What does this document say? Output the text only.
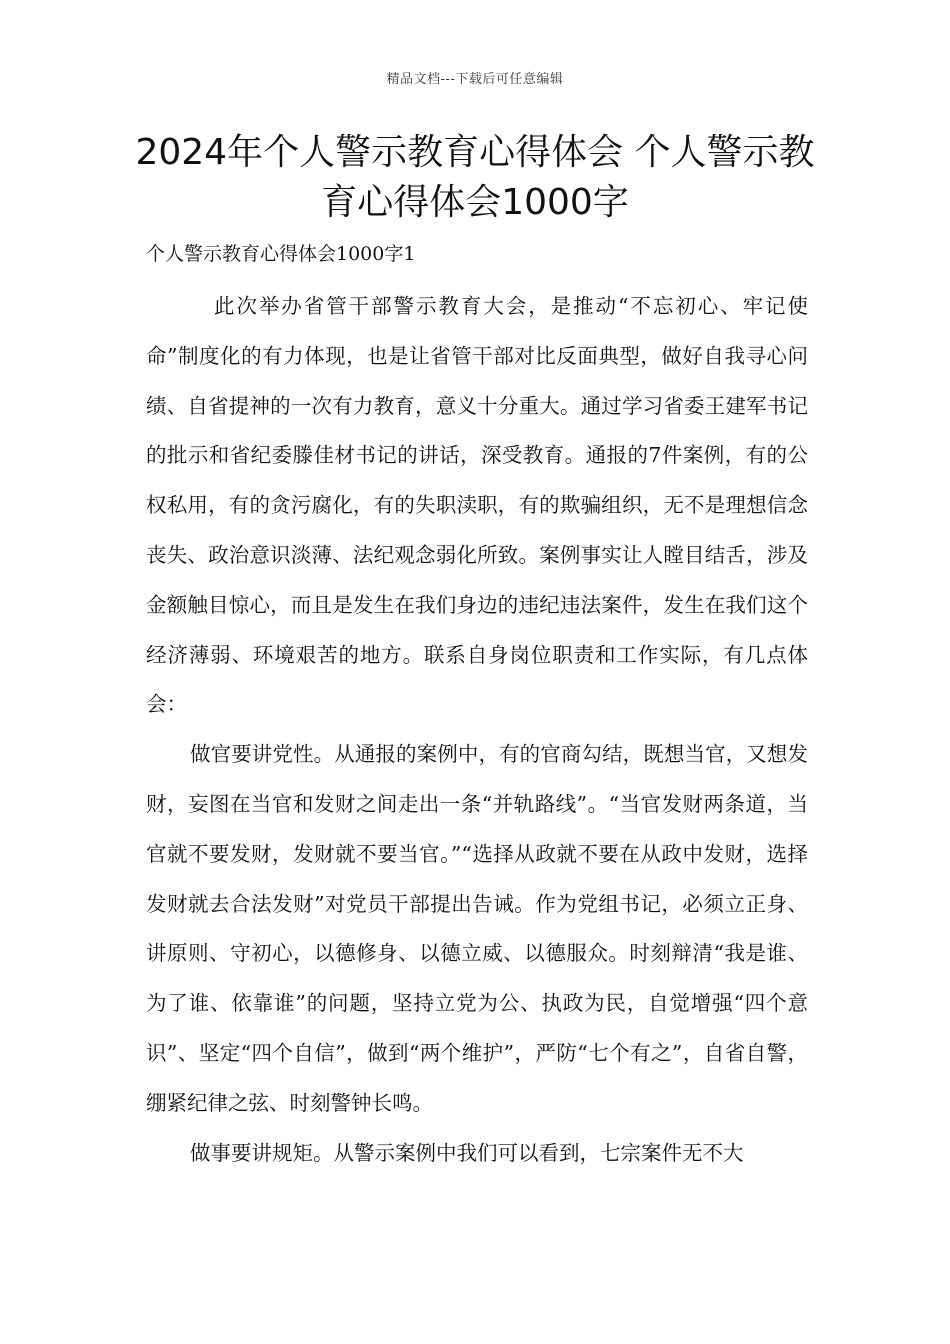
精品文档---下载后可任意编辑
2024年个人警示教育心得体会 个人警示教育心得体会1000字

个人警示教育心得体会1000字1

此次举办省管干部警示教育大会，是推动“不忘初心、牢记使命”制度化的有力体现，也是让省管干部对比反面典型，做好自我寻心问绩、自省提神的一次有力教育，意义十分重大。通过学习省委王建军书记的批示和省纪委滕佳材书记的讲话，深受教育。通报的7件案例，有的公权私用，有的贪污腐化，有的失职渎职，有的欺骗组织，无不是理想信念丧失、政治意识淡薄、法纪观念弱化所致。案例事实让人瞠目结舌，涉及金额触目惊心，而且是发生在我们身边的违纪违法案件，发生在我们这个经济薄弱、环境艰苦的地方。联系自身岗位职责和工作实际，有几点体会：

做官要讲党性。从通报的案例中，有的官商勾结，既想当官，又想发财，妄图在当官和发财之间走出一条“并轨路线”。“当官发财两条道，当官就不要发财，发财就不要当官。”“选择从政就不要在从政中发财，选择发财就去合法发财”对党员干部提出告诫。作为党组书记，必须立正身、讲原则、守初心，以德修身、以德立威、以德服众。时刻辩清“我是谁、为了谁、依靠谁”的问题，坚持立党为公、执政为民，自觉增强“四个意识”、坚定“四个自信”，做到“两个维护”，严防“七个有之”，自省自警，绷紧纪律之弦、时刻警钟长鸣。

做事要讲规矩。从警示案例中我们可以看到，七宗案件无不大
